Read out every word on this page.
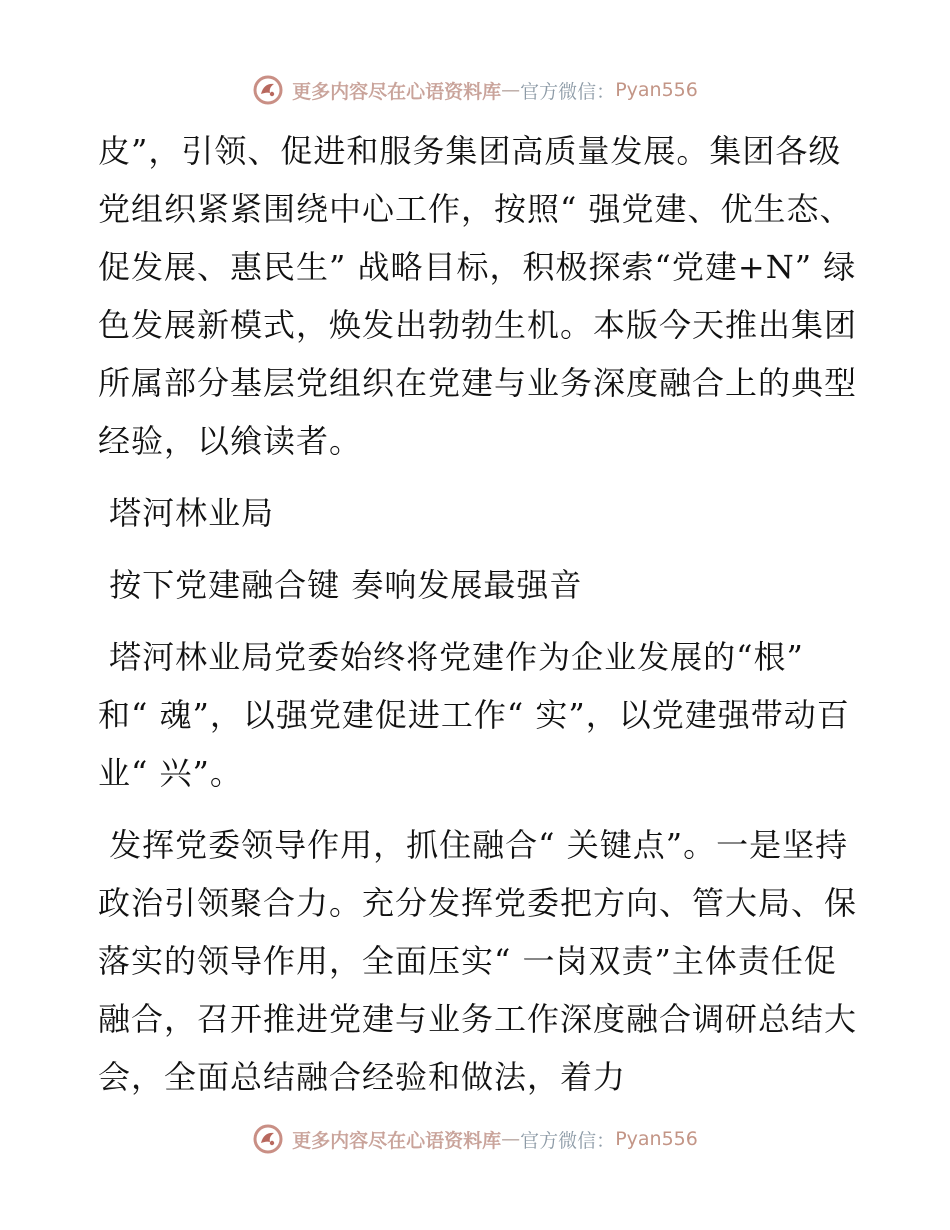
更多内容尽在心语资料库 — 官方微信： Pyan556

皮”，引领、促进和服务集团高质量发展。集团各级党组织紧紧围绕中心工作，按照“ 强党建、优生态、促发展、惠民生” 战略目标，积极探索“党建+N” 绿色发展新模式，焕发出勃勃生机。本版今天推出集团所属部分基层党组织在党建与业务深度融合上的典型经验，以飨读者。

塔河林业局

按下党建融合键 奏响发展最强音

塔河林业局党委始终将党建作为企业发展的“根” 和“ 魂”，以强党建促进工作“ 实”，以党建强带动百业“ 兴”。

发挥党委领导作用，抓住融合“ 关键点”。一是坚持政治引领聚合力。充分发挥党委把方向、管大局、保落实的领导作用，全面压实“ 一岗双责”主体责任促融合，召开推进党建与业务工作深度融合调研总结大会，全面总结融合经验和做法，着力

更多内容尽在心语资料库 — 官方微信： Pyan556
